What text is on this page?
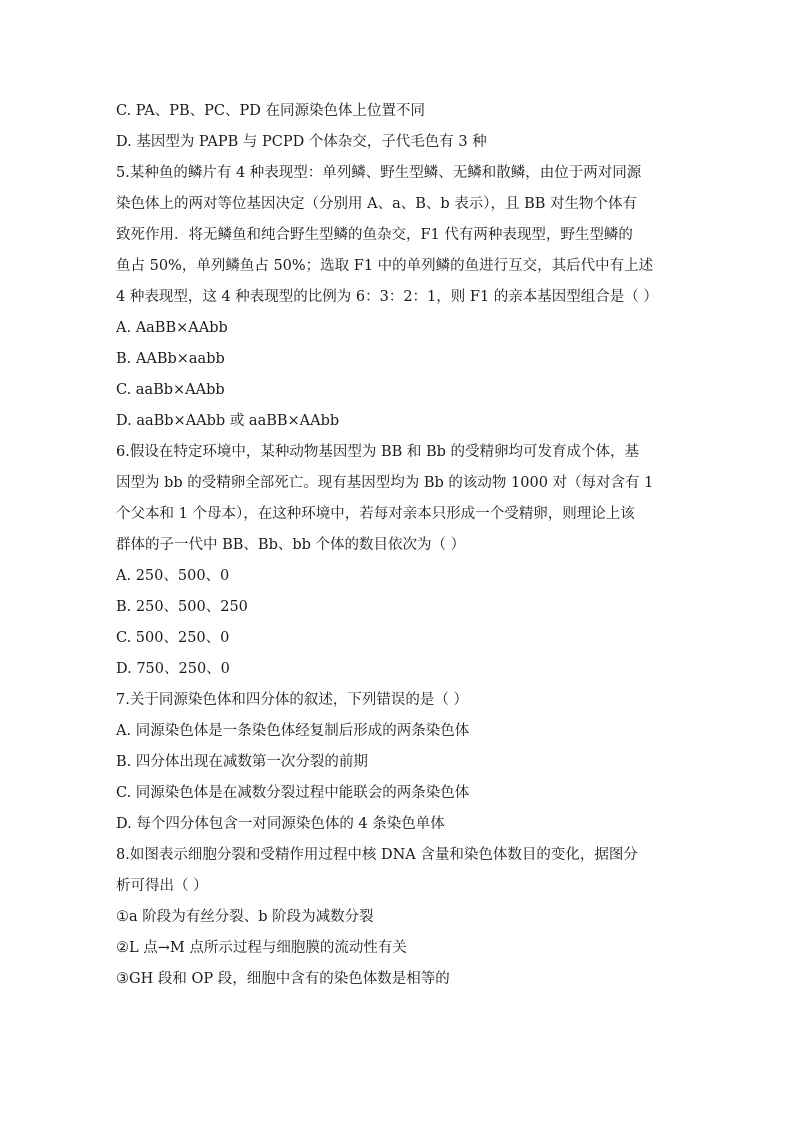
C. PA、PB、PC、PD 在同源染色体上位置不同

D. 基因型为 PAPB 与 PCPD 个体杂交，子代毛色有 3 种

5.某种鱼的鳞片有 4 种表现型：单列鳞、野生型鳞、无鳞和散鳞，由位于两对同源

染色体上的两对等位基因决定（分别用 A、a、B、b 表示），且 BB 对生物个体有

致死作用．将无鳞鱼和纯合野生型鳞的鱼杂交，F1 代有两种表现型，野生型鳞的

鱼占 50%，单列鳞鱼占 50%；选取 F1 中的单列鳞的鱼进行互交，其后代中有上述

4 种表现型，这 4 种表现型的比例为 6：3：2：1，则 F1 的亲本基因型组合是（ ）

A. AaBB×AAbb

B. AABb×aabb

C. aaBb×AAbb

D. aaBb×AAbb 或 aaBB×AAbb

6.假设在特定环境中，某种动物基因型为 BB 和 Bb 的受精卵均可发育成个体，基

因型为 bb 的受精卵全部死亡。现有基因型均为 Bb 的该动物 1000 对（每对含有 1

个父本和 1 个母本），在这种环境中，若每对亲本只形成一个受精卵，则理论上该

群体的子一代中 BB、Bb、bb 个体的数目依次为（ ）

A. 250、500、0

B. 250、500、250

C. 500、250、0

D. 750、250、0

7.关于同源染色体和四分体的叙述，下列错误的是（ ）

A. 同源染色体是一条染色体经复制后形成的两条染色体

B. 四分体出现在减数第一次分裂的前期

C. 同源染色体是在减数分裂过程中能联会的两条染色体

D. 每个四分体包含一对同源染色体的 4 条染色单体

8.如图表示细胞分裂和受精作用过程中核 DNA 含量和染色体数目的变化，据图分

析可得出（ ）

①a 阶段为有丝分裂、b 阶段为减数分裂

②L 点→M 点所示过程与细胞膜的流动性有关

③GH 段和 OP 段，细胞中含有的染色体数是相等的
